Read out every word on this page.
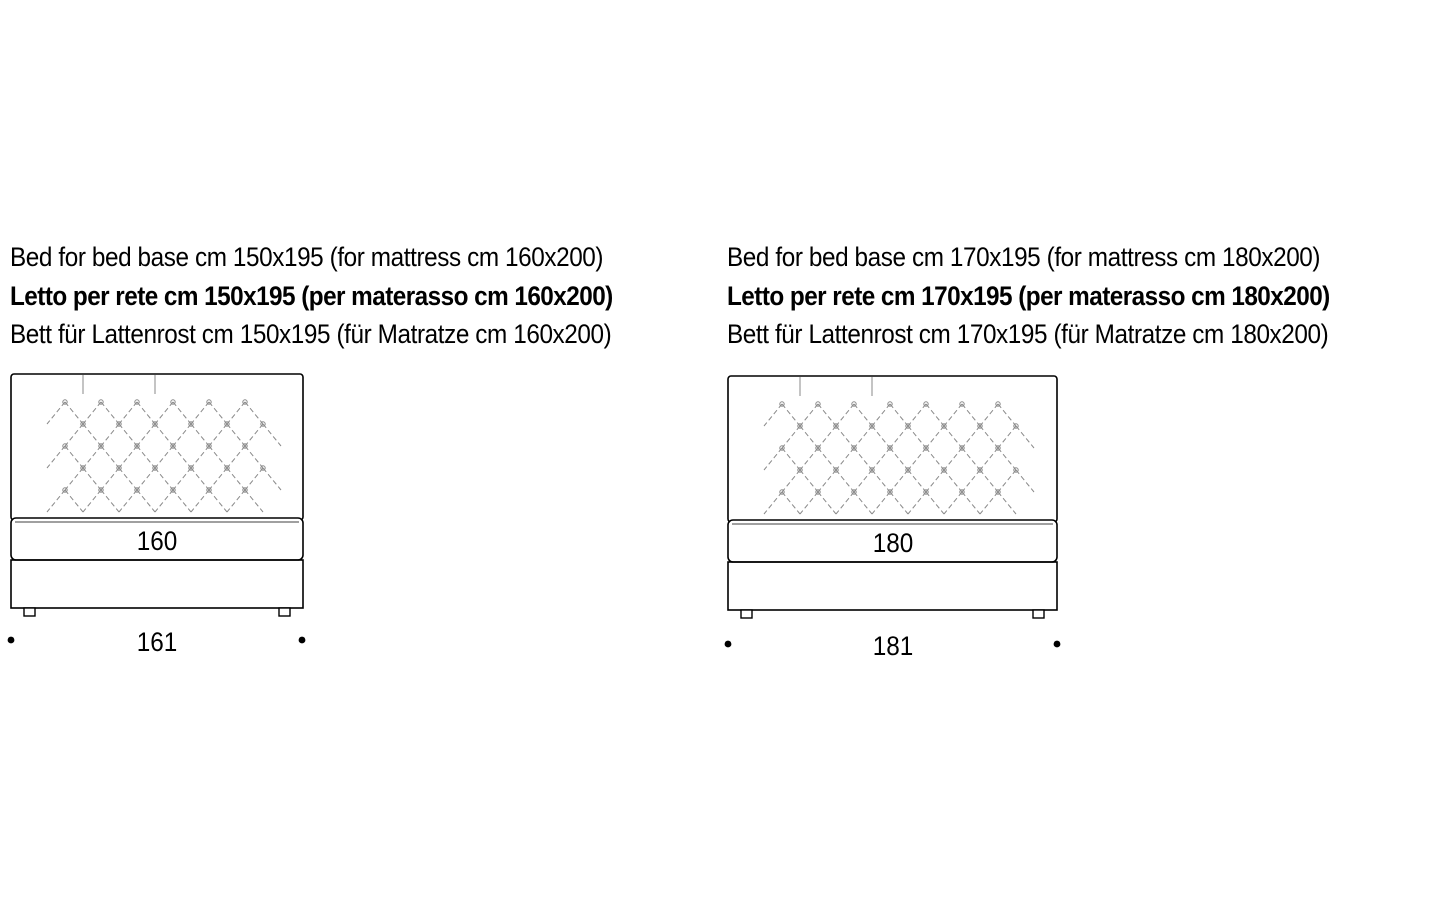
Bed for bed base cm 150x195 (for mattress cm 160x200)
Letto per rete cm 150x195 (per materasso cm 160x200)
Bett für Lattenrost cm 150x195 (für Matratze cm 160x200)
160
161
Bed for bed base cm 170x195 (for mattress cm 180x200)
Letto per rete cm 170x195 (per materasso cm 180x200)
Bett für Lattenrost cm 170x195 (für Matratze cm 180x200)
180
181
